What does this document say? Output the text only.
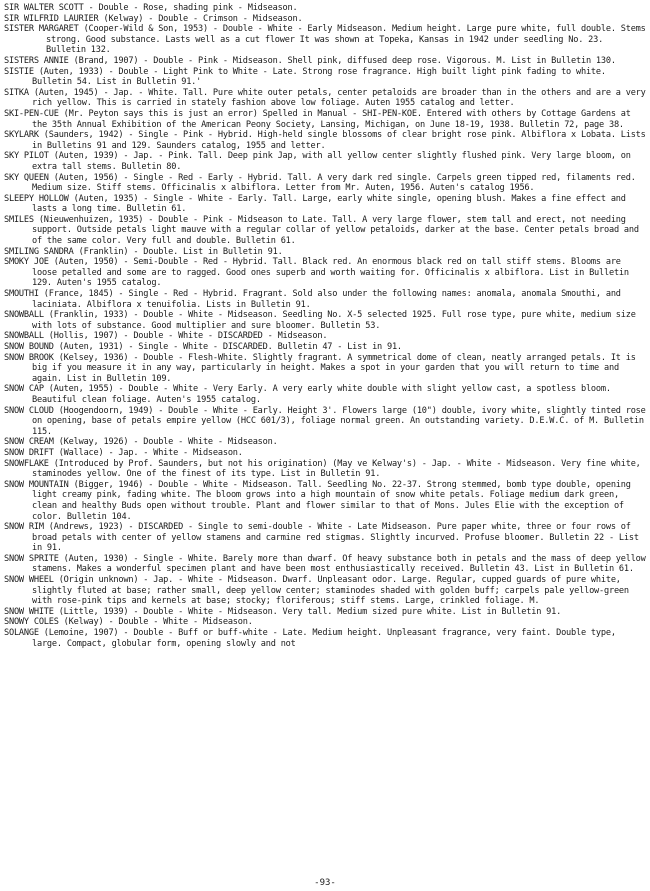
SIR WALTER SCOTT - Double - Rose, shading pink - Midseason.

SIR WILFRID LAURIER (Kelway) - Double - Crimson - Midseason.

SISTER MARGARET (Cooper-Wild & Son, 1953) - Double - White - Early Midseason. Medium height. Large pure white, full double. Stems strong. Good substance. Lasts well as a cut flower It was shown at Topeka, Kansas in 1942 under seedling No. 23. Bulletin 132.

SISTERS ANNIE (Brand, 1907) - Double - Pink - Midseason. Shell pink, diffused deep rose. Vigorous. M. List in Bulletin 130.

SISTIE (Auten, 1933) - Double - Light Pink to White - Late. Strong rose fragrance. High built light pink fading to white. Bulletin 54. List in Bulletin 91.'

SITKA (Auten, 1945) - Jap. - White. Tall. Pure white outer petals, center petaloids are broader than in the others and are a very rich yellow. This is carried in stately fashion above low foliage. Auten 1955 catalog and letter.

SKI-PEN-CUE (Mr. Peyton says this is just an error) Spelled in Manual - SHI-PEN-KOE. Entered with others by Cottage Gardens at the 35th Annual Exhibition of the American Peony Society, Lansing, Michigan, on June 18-19, 1938. Bulletin 72, page 38.

SKYLARK (Saunders, 1942) - Single - Pink - Hybrid. High-held single blossoms of clear bright rose pink. Albiflora x Lobata. Lists in Bulletins 91 and 129. Saunders catalog, 1955 and letter.

SKY PILOT (Auten, 1939) - Jap. - Pink. Tall. Deep pink Jap, with all yellow center slightly flushed pink. Very large bloom, on extra tall stems. Bulletin 80.

SKY QUEEN (Auten, 1956) - Single - Red - Early - Hybrid. Tall. A very dark red single. Carpels green tipped red, filaments red. Medium size. Stiff stems. Officinalis x albiflora. Letter from Mr. Auten, 1956. Auten's catalog 1956.

SLEEPY HOLLOW (Auten, 1935) - Single - White - Early. Tall. Large, early white single, opening blush. Makes a fine effect and lasts a long time. Bulletin 61.

SMILES (Nieuwenhuizen, 1935) - Double - Pink - Midseason to Late. Tall. A very large flower, stem tall and erect, not needing support. Outside petals light mauve with a regular collar of yellow petaloids, darker at the base. Center petals broad and of the same color. Very full and double. Bulletin 61.

SMILING SANDRA (Franklin) - Double. List in Bulletin 91.

SMOKY JOE (Auten, 1950) - Semi-Double - Red - Hybrid. Tall. Black red. An enormous black red on tall stiff stems. Blooms are loose petalled and some are to ragged. Good ones superb and worth waiting for. Officinalis x albiflora. List in Bulletin 129. Auten's 1955 catalog.

SMOUTHI (France, 1845) - Single - Red - Hybrid. Fragrant. Sold also under the following names: anomala, anomala Smouthi, and laciniata. Albiflora x tenuifolia. Lists in Bulletin 91.

SNOWBALL (Franklin, 1933) - Double - White - Midseason. Seedling No. X-5 selected 1925. Full rose type, pure white, medium size with lots of substance. Good multiplier and sure bloomer. Bulletin 53.

SNOWBALL (Hollis, 1907) - Double - White - DISCARDED - Midseason.

SNOW BOUND (Auten, 1931) - Single - White - DISCARDED. Bulletin 47 - List in 91.

SNOW BROOK (Kelsey, 1936) - Double - Flesh-White. Slightly fragrant. A symmetrical dome of clean, neatly arranged petals. It is big if you measure it in any way, particularly in height. Makes a spot in your garden that you will return to time and again. List in Bulletin 109.

SNOW CAP (Auten, 1955) - Double - White - Very Early. A very early white double with slight yellow cast, a spotless bloom. Beautiful clean foliage. Auten's 1955 catalog.

SNOW CLOUD (Hoogendoorn, 1949) - Double - White - Early. Height 3'. Flowers large (10") double, ivory white, slightly tinted rose on opening, base of petals empire yellow (HCC 601/3), foliage normal green. An outstanding variety. D.E.W.C. of M. Bulletin 115.

SNOW CREAM (Kelway, 1926) - Double - White - Midseason.

SNOW DRIFT (Wallace) - Jap. - White - Midseason.

SNOWFLAKE (Introduced by Prof. Saunders, but not his origination) (May ve Kelway's) - Jap. - White - Midseason. Very fine white, staminodes yellow. One of the finest of its type. List in Bulletin 91.

SNOW MOUNTAIN (Bigger, 1946) - Double - White - Midseason. Tall. Seedling No. 22-37. Strong stemmed, bomb type double, opening light creamy pink, fading white. The bloom grows into a high mountain of snow white petals. Foliage medium dark green, clean and healthy Buds open without trouble. Plant and flower similar to that of Mons. Jules Elie with the exception of color. Bulletin 104.

SNOW RIM (Andrews, 1923) - DISCARDED - Single to semi-double - White - Late Midseason. Pure paper white, three or four rows of broad petals with center of yellow stamens and carmine red stigmas. Slightly incurved. Profuse bloomer. Bulletin 22 - List in 91.

SNOW SPRITE (Auten, 1930) - Single - White. Barely more than dwarf. Of heavy substance both in petals and the mass of deep yellow stamens. Makes a wonderful specimen plant and have been most enthusiastically received. Bulletin 43. List in Bulletin 61.

SNOW WHEEL (Origin unknown) - Jap. - White - Midseason. Dwarf. Unpleasant odor. Large. Regular, cupped guards of pure white, slightly fluted at base; rather small, deep yellow center; staminodes shaded with golden buff; carpels pale yellow-green with rose-pink tips and kernels at base; stocky; floriferous; stiff stems. Large, crinkled foliage. M.

SNOW WHITE (Little, 1939) - Double - White - Midseason. Very tall. Medium sized pure white. List in Bulletin 91.

SNOWY COLES (Kelway) - Double - White - Midseason.

SOLANGE (Lemoine, 1907) - Double - Buff or buff-white - Late. Medium height. Unpleasant fragrance, very faint. Double type, large. Compact, globular form, opening slowly and not

-93-
